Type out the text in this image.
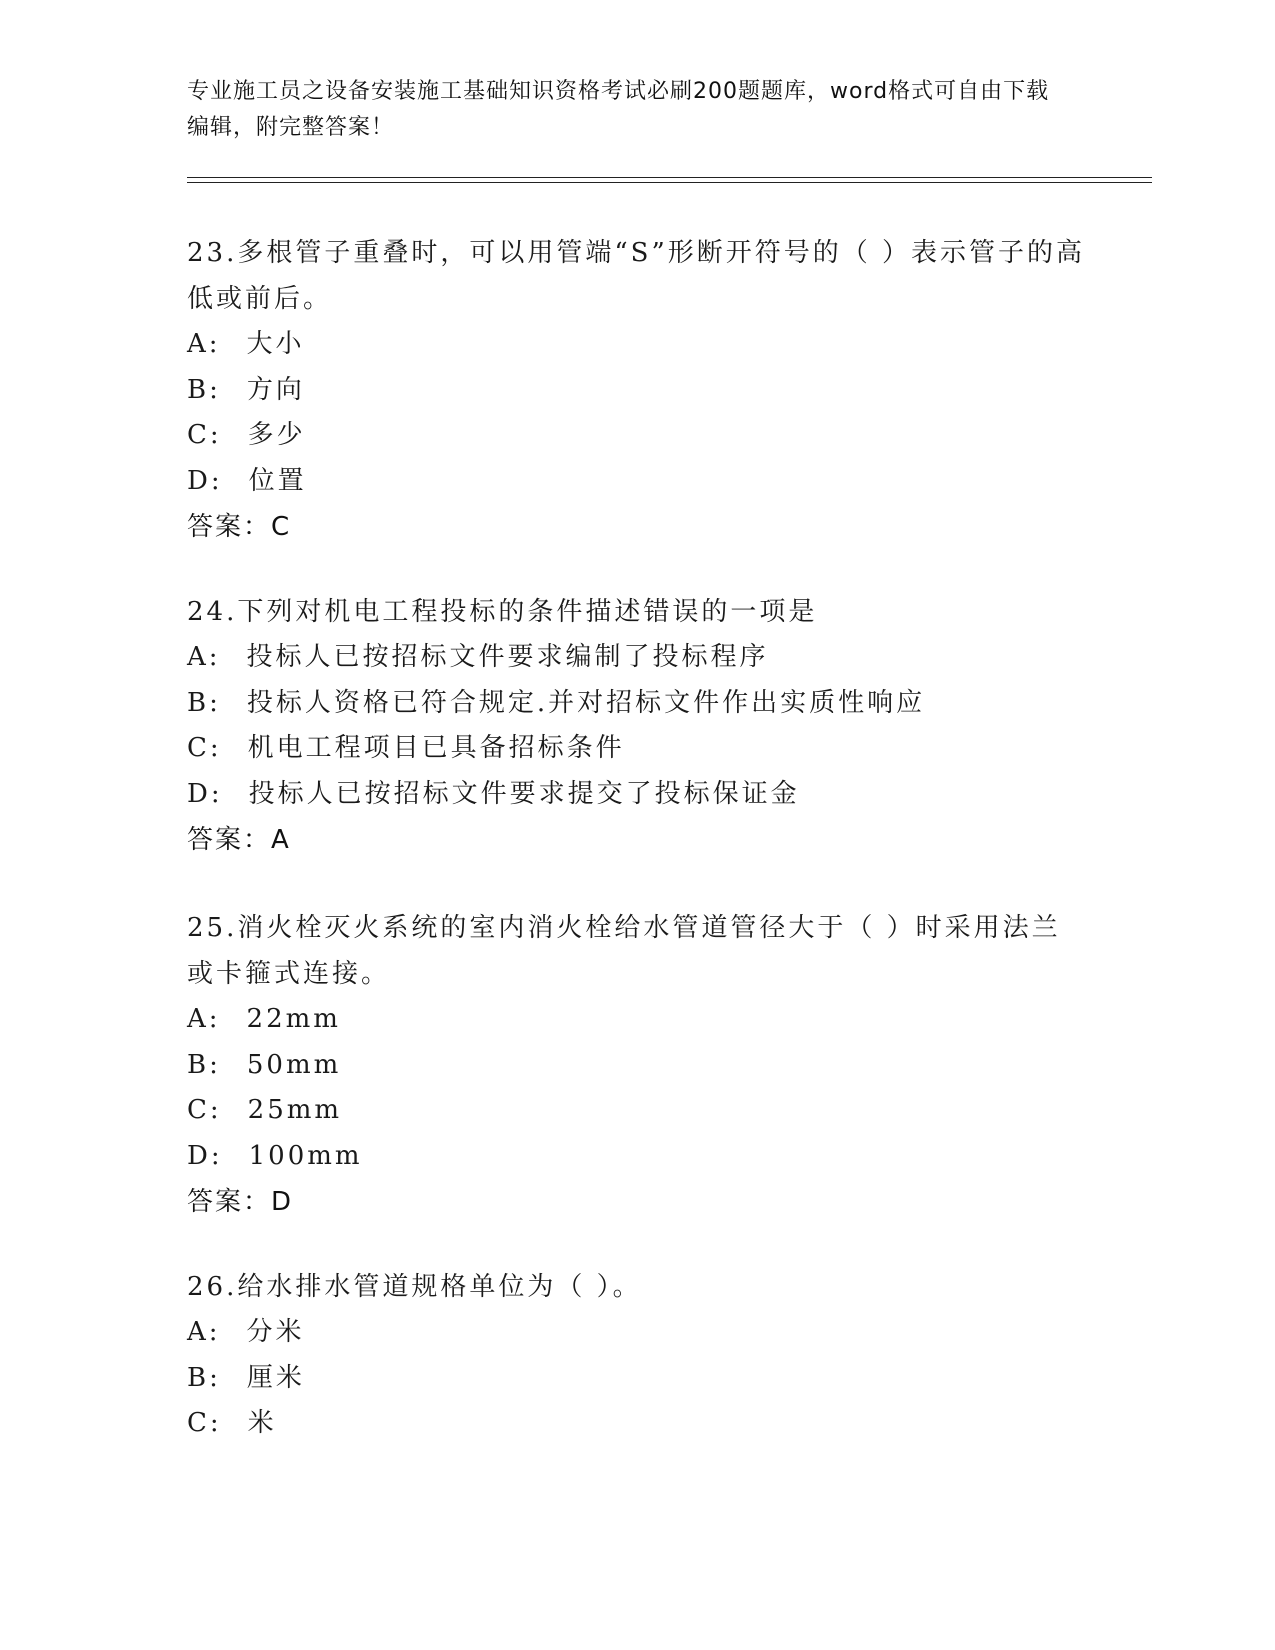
专业施工员之设备安装施工基础知识资格考试必刷200题题库，word格式可自由下载编辑，附完整答案！

23.多根管子重叠时，可以用管端“S”形断开符号的（ ）表示管子的高低或前后。

A: 大小

B: 方向

C: 多少

D: 位置

答案：C

24.下列对机电工程投标的条件描述错误的一项是

A: 投标人已按招标文件要求编制了投标程序

B: 投标人资格已符合规定.并对招标文件作出实质性响应

C: 机电工程项目已具备招标条件

D: 投标人已按招标文件要求提交了投标保证金

答案：A

25.消火栓灭火系统的室内消火栓给水管道管径大于（ ）时采用法兰或卡箍式连接。

A: 22mm

B: 50mm

C: 25mm

D: 100mm

答案：D

26.给水排水管道规格单位为（ ）。

A: 分米

B: 厘米

C: 米
